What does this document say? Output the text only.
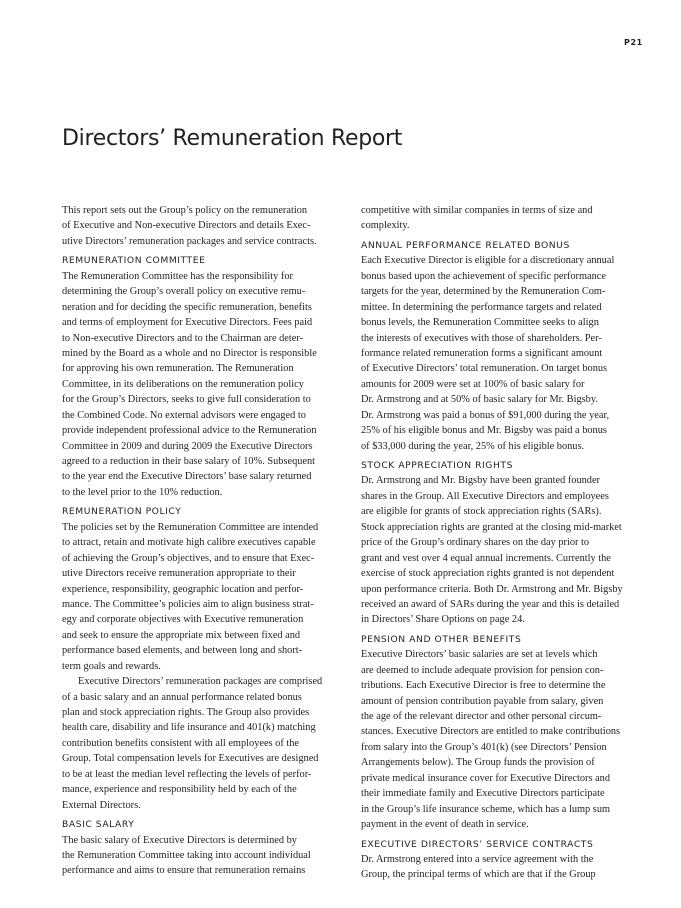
P21
Directors’ Remuneration Report
This report sets out the Group’s policy on the remuneration
of Executive and Non-executive Directors and details Exec-
utive Directors’ remuneration packages and service contracts.
REMUNERATION COMMITTEE
The Remuneration Committee has the responsibility for
determining the Group’s overall policy on executive remu-
neration and for deciding the specific remuneration, benefits
and terms of employment for Executive Directors. Fees paid
to Non-executive Directors and to the Chairman are deter-
mined by the Board as a whole and no Director is responsible
for approving his own remuneration. The Remuneration
Committee, in its deliberations on the remuneration policy
for the Group’s Directors, seeks to give full consideration to
the Combined Code. No external advisors were engaged to
provide independent professional advice to the Remuneration
Committee in 2009 and during 2009 the Executive Directors
agreed to a reduction in their base salary of 10%. Subsequent
to the year end the Executive Directors’ base salary returned
to the level prior to the 10% reduction.
REMUNERATION POLICY
The policies set by the Remuneration Committee are intended
to attract, retain and motivate high calibre executives capable
of achieving the Group’s objectives, and to ensure that Exec-
utive Directors receive remuneration appropriate to their
experience, responsibility, geographic location and perfor-
mance. The Committee’s policies aim to align business strat-
egy and corporate objectives with Executive remuneration
and seek to ensure the appropriate mix between fixed and
performance based elements, and between long and short-
term goals and rewards.
Executive Directors’ remuneration packages are comprised
of a basic salary and an annual performance related bonus
plan and stock appreciation rights. The Group also provides
health care, disability and life insurance and 401(k) matching
contribution benefits consistent with all employees of the
Group. Total compensation levels for Executives are designed
to be at least the median level reflecting the levels of perfor-
mance, experience and responsibility held by each of the
External Directors.
BASIC SALARY
The basic salary of Executive Directors is determined by
the Remuneration Committee taking into account individual
performance and aims to ensure that remuneration remains
competitive with similar companies in terms of size and
complexity.
ANNUAL PERFORMANCE RELATED BONUS
Each Executive Director is eligible for a discretionary annual
bonus based upon the achievement of specific performance
targets for the year, determined by the Remuneration Com-
mittee. In determining the performance targets and related
bonus levels, the Remuneration Committee seeks to align
the interests of executives with those of shareholders. Per-
formance related remuneration forms a significant amount
of Executive Directors’ total remuneration. On target bonus
amounts for 2009 were set at 100% of basic salary for
Dr. Armstrong and at 50% of basic salary for Mr. Bigsby.
Dr. Armstrong was paid a bonus of $91,000 during the year,
25% of his eligible bonus and Mr. Bigsby was paid a bonus
of $33,000 during the year, 25% of his eligible bonus.
STOCK APPRECIATION RIGHTS
Dr. Armstrong and Mr. Bigsby have been granted founder
shares in the Group. All Executive Directors and employees
are eligible for grants of stock appreciation rights (SARs).
Stock appreciation rights are granted at the closing mid-market
price of the Group’s ordinary shares on the day prior to
grant and vest over 4 equal annual increments. Currently the
exercise of stock appreciation rights granted is not dependent
upon performance criteria. Both Dr. Armstrong and Mr. Bigsby
received an award of SARs during the year and this is detailed
in Directors’ Share Options on page 24.
PENSION AND OTHER BENEFITS
Executive Directors’ basic salaries are set at levels which
are deemed to include adequate provision for pension con-
tributions. Each Executive Director is free to determine the
amount of pension contribution payable from salary, given
the age of the relevant director and other personal circum-
stances. Executive Directors are entitled to make contributions
from salary into the Group’s 401(k) (see Directors’ Pension
Arrangements below). The Group funds the provision of
private medical insurance cover for Executive Directors and
their immediate family and Executive Directors participate
in the Group’s life insurance scheme, which has a lump sum
payment in the event of death in service.
EXECUTIVE DIRECTORS’ SERVICE CONTRACTS
Dr. Armstrong entered into a service agreement with the
Group, the principal terms of which are that if the Group
